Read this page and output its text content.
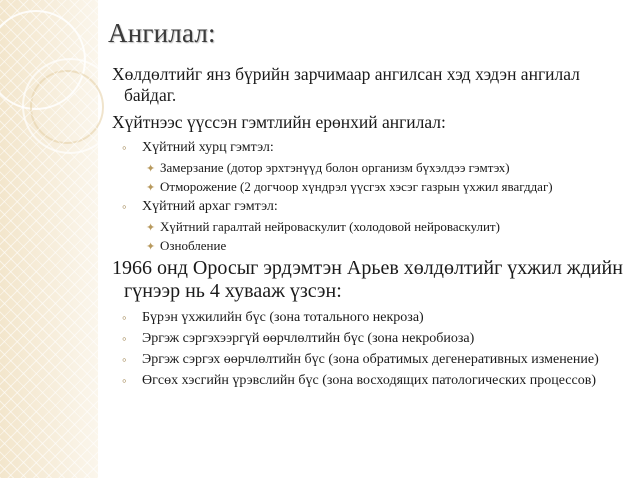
Ангилал:
Хөлдөлтийг янз бүрийн зарчимаар ангилсан хэд хэдэн ангилал байдаг.
Хүйтнээс үүссэн гэмтлийн ерөнхий ангилал:
◦ Хүйтний хурц гэмтэл:
✦ Замерзание (дотор эрхтэнүүд болон организм бүхэлдээ гэмтэх)
✦ Отморожение (2 догчоор хүндрэл үүсгэх хэсэг газрын үхжил явагддаг)
◦ Хүйтний архаг гэмтэл:
✦ Хүйтний гаралтай нейроваскулит (холодовой нейроваскулит)
✦ Ознобление
1966 онд Оросыг эрдэмтэн Арьев хөлдөлтийг үхжил ждийн гүнээр нь 4 хувааж үзсэн:
◦ Бүрэн үхжилийн бүс (зона тотального некроза)
◦ Эргэж сэргэхээргүй өөрчлөлтийн бүс (зона некробиоза)
◦ Эргэж сэргэх өөрчлөлтийн бүс (зона обратимых дегенеративных изменение)
◦ Өгсөх хэсгийн үрэвслийн бүс (зона восходящих патологических процессов)
